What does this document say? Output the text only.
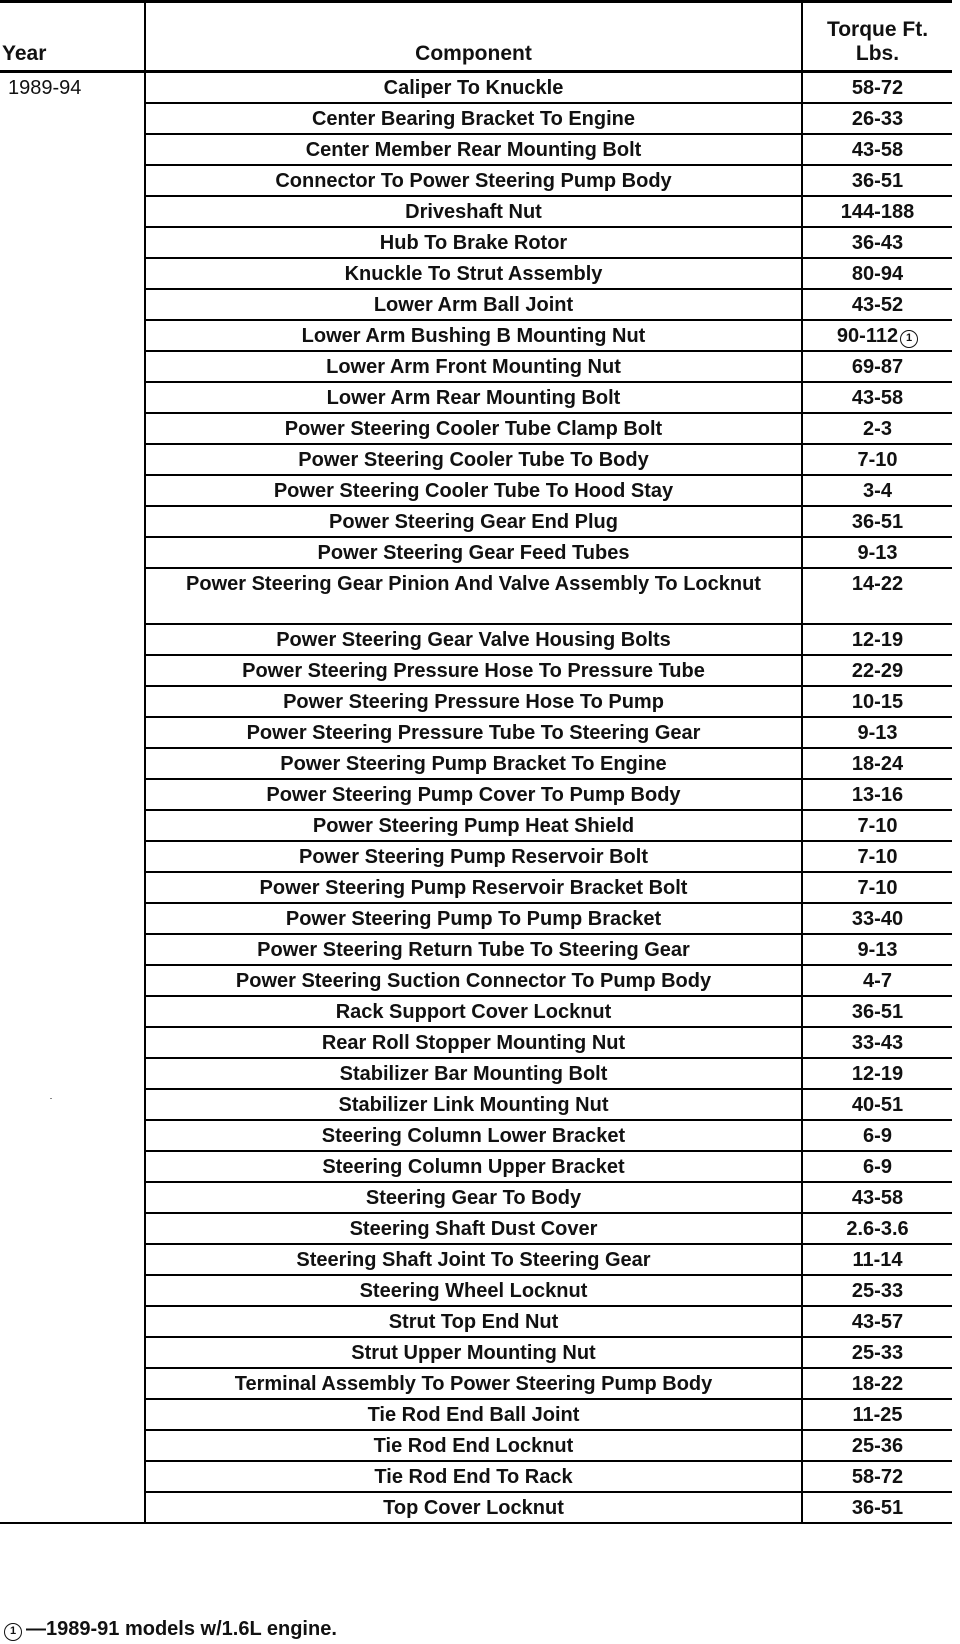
Year	Component	Torque Ft. Lbs.
1989-94	Caliper To Knuckle	58-72
	Center Bearing Bracket To Engine	26-33
	Center Member Rear Mounting Bolt	43-58
	Connector To Power Steering Pump Body	36-51
	Driveshaft Nut	144-188
	Hub To Brake Rotor	36-43
	Knuckle To Strut Assembly	80-94
	Lower Arm Ball Joint	43-52
	Lower Arm Bushing B Mounting Nut	90-112 1
	Lower Arm Front Mounting Nut	69-87
	Lower Arm Rear Mounting Bolt	43-58
	Power Steering Cooler Tube Clamp Bolt	2-3
	Power Steering Cooler Tube To Body	7-10
	Power Steering Cooler Tube To Hood Stay	3-4
	Power Steering Gear End Plug	36-51
	Power Steering Gear Feed Tubes	9-13
	Power Steering Gear Pinion And Valve Assembly To Locknut	14-22
	Power Steering Gear Valve Housing Bolts	12-19
	Power Steering Pressure Hose To Pressure Tube	22-29
	Power Steering Pressure Hose To Pump	10-15
	Power Steering Pressure Tube To Steering Gear	9-13
	Power Steering Pump Bracket To Engine	18-24
	Power Steering Pump Cover To Pump Body	13-16
	Power Steering Pump Heat Shield	7-10
	Power Steering Pump Reservoir Bolt	7-10
	Power Steering Pump Reservoir Bracket Bolt	7-10
	Power Steering Pump To Pump Bracket	33-40
	Power Steering Return Tube To Steering Gear	9-13
	Power Steering Suction Connector To Pump Body	4-7
	Rack Support Cover Locknut	36-51
	Rear Roll Stopper Mounting Nut	33-43
	Stabilizer Bar Mounting Bolt	12-19
	Stabilizer Link Mounting Nut	40-51
	Steering Column Lower Bracket	6-9
	Steering Column Upper Bracket	6-9
	Steering Gear To Body	43-58
	Steering Shaft Dust Cover	2.6-3.6
	Steering Shaft Joint To Steering Gear	11-14
	Steering Wheel Locknut	25-33
	Strut Top End Nut	43-57
	Strut Upper Mounting Nut	25-33
	Terminal Assembly To Power Steering Pump Body	18-22
	Tie Rod End Ball Joint	11-25
	Tie Rod End Locknut	25-36
	Tie Rod End To Rack	58-72
	Top Cover Locknut	36-51
1 —1989-91 models w/1.6L engine.
